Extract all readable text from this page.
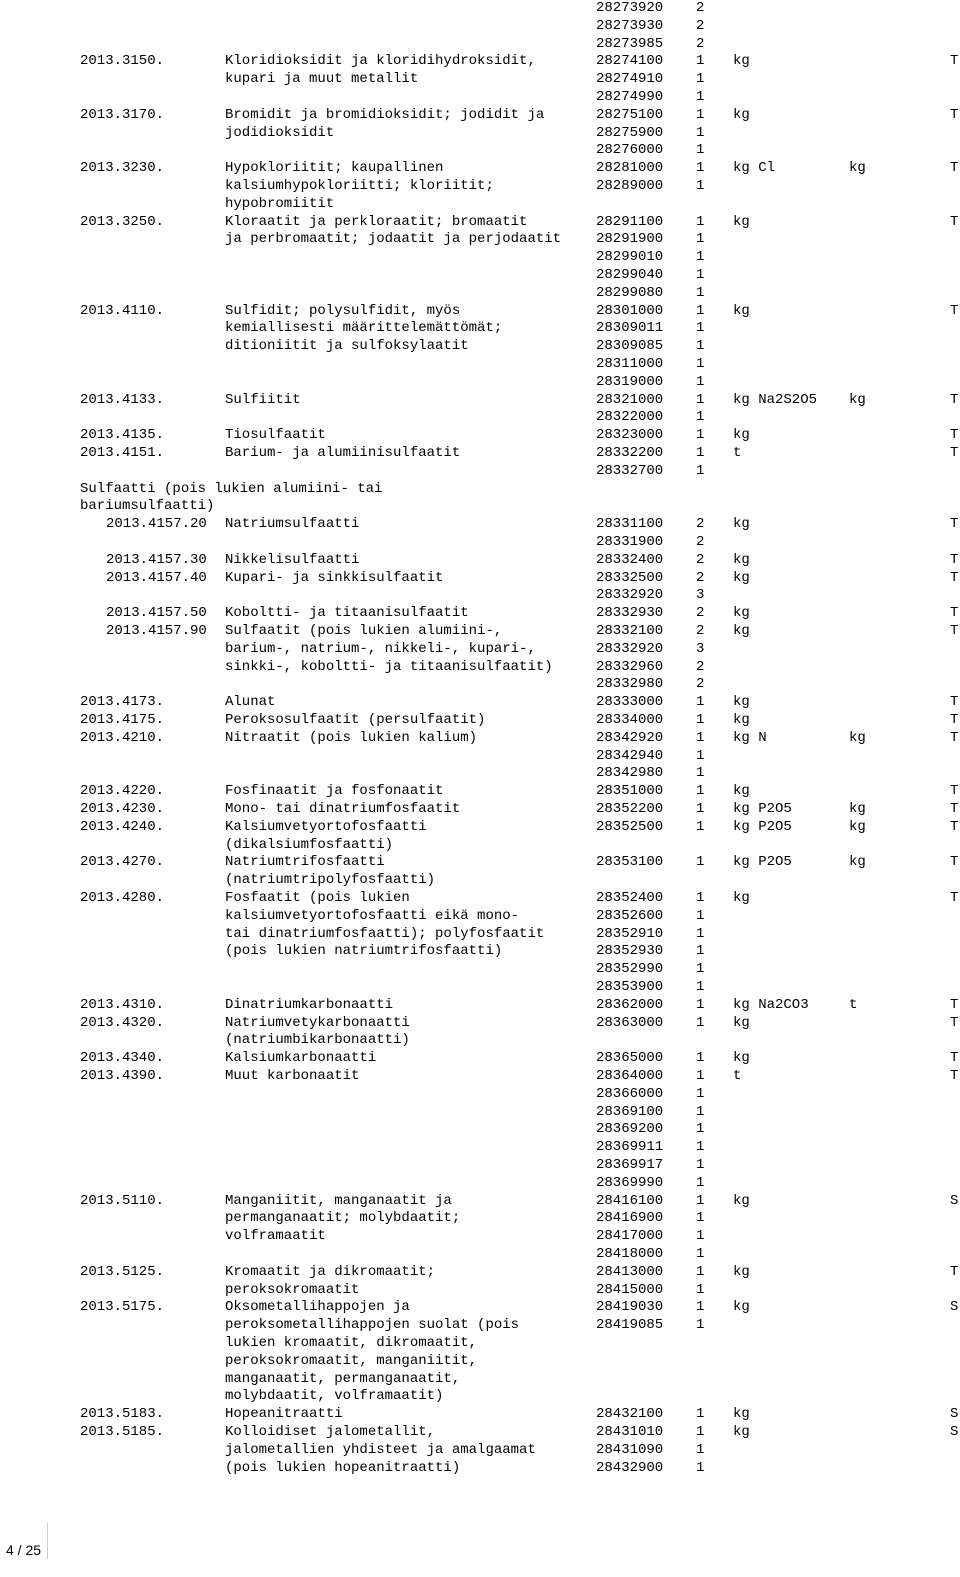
28273920 2
28273930 2
28273985 2
2013.3150.	Kloridioksidit ja kloridihydroksidit,	28274100 1 kg	T
kupari ja muut metallit	28274910 1
28274990 1
2013.3170.	Bromidit ja bromidioksidit; jodidit ja	28275100 1 kg	T
jodidioksidit	28275900 1
28276000 1
2013.3230.	Hypokloriitit; kaupallinen	28281000 1 kg Cl	kg	T
kalsiumhypokloriitti; kloriitit;	28289000 1
hypobromiitit
2013.3250.	Kloraatit ja perkloraatit; bromaatit	28291100 1 kg	T
ja perbromaatit; jodaatit ja perjodaatit 28291900 1
28299010 1
28299040 1
28299080 1
2013.4110.	Sulfidit; polysulfidit, myös	28301000 1 kg	T
kemiallisesti määrittelemättömät;	28309011 1
ditioniitit ja sulfoksylaatit	28309085 1
28311000 1
28319000 1
2013.4133.	Sulfiitit	28321000 1 kg Na2S2O5 kg	T
28322000 1
2013.4135.	Tiosulfaatit	28323000 1 kg	T
2013.4151.	Barium- ja alumiinisulfaatit	28332200 1 t	T
28332700 1
Sulfaatti (pois lukien alumiini- tai
bariumsulfaatti)
2013.4157.20 Natriumsulfaatti	28331100 2 kg	T
28331900 2
2013.4157.30 Nikkelisulfaatti	28332400 2 kg	T
2013.4157.40 Kupari- ja sinkkisulfaatit	28332500 2 kg	T
28332920 3
2013.4157.50 Koboltti- ja titaanisulfaatit	28332930 2 kg	T
2013.4157.90 Sulfaatit (pois lukien alumiini-,	28332100 2 kg	T
barium-, natrium-, nikkeli-, kupari-,	28332920 3
sinkki-, koboltti- ja titaanisulfaatit)	28332960 2
28332980 2
2013.4173.	Alunat	28333000 1 kg	T
2013.4175.	Peroksosulfaatit (persulfaatit)	28334000 1 kg	T
2013.4210.	Nitraatit (pois lukien kalium)	28342920 1 kg N	kg	T
28342940 1
28342980 1
2013.4220.	Fosfinaatit ja fosfonaatit	28351000 1 kg	T
2013.4230.	Mono- tai dinatriumfosfaatit	28352200 1 kg P2O5	kg	T
2013.4240.	Kalsiumvetyortofosfaatti	28352500 1 kg P2O5	kg	T
(dikalsiumfosfaatti)
2013.4270.	Natriumtrifosfaatti	28353100 1 kg P2O5	kg	T
(natriumtripolyfosfaatti)
2013.4280.	Fosfaatit (pois lukien	28352400 1 kg	T
kalsiumvetyortofosfaatti eikä mono-	28352600 1
tai dinatriumfosfaatti); polyfosfaatit	28352910 1
(pois lukien natriumtrifosfaatti)	28352930 1
28352990 1
28353900 1
2013.4310.	Dinatriumkarbonaatti	28362000 1 kg Na2CO3	t	T
2013.4320.	Natriumvetykarbonaatti	28363000 1 kg	T
(natriumbikarbonaatti)
2013.4340.	Kalsiumkarbonaatti	28365000 1 kg	T
2013.4390.	Muut karbonaatit	28364000 1 t	T
28366000 1
28369100 1
28369200 1
28369911 1
28369917 1
28369990 1
2013.5110.	Manganiitit, manganaatit ja	28416100 1 kg	S
permanganaatit; molybdaatit;	28416900 1
volframaatit	28417000 1
28418000 1
2013.5125.	Kromaatit ja dikromaatit;	28413000 1 kg	T
peroksokromaatit	28415000 1
2013.5175.	Oksometallihappojen ja	28419030 1 kg	S
peroksometallihappojen suolat (pois	28419085 1
lukien kromaatit, dikromaatit,
peroksokromaatit, manganiitit,
manganaatit, permanganaatit,
molybdaatit, volframaatit)
2013.5183.	Hopeanitraatti	28432100 1 kg	S
2013.5185.	Kolloidiset jalometallit,	28431010 1 kg	S
jalometallien yhdisteet ja amalgaamat	28431090 1
(pois lukien hopeanitraatti)	28432900 1
4 / 25
